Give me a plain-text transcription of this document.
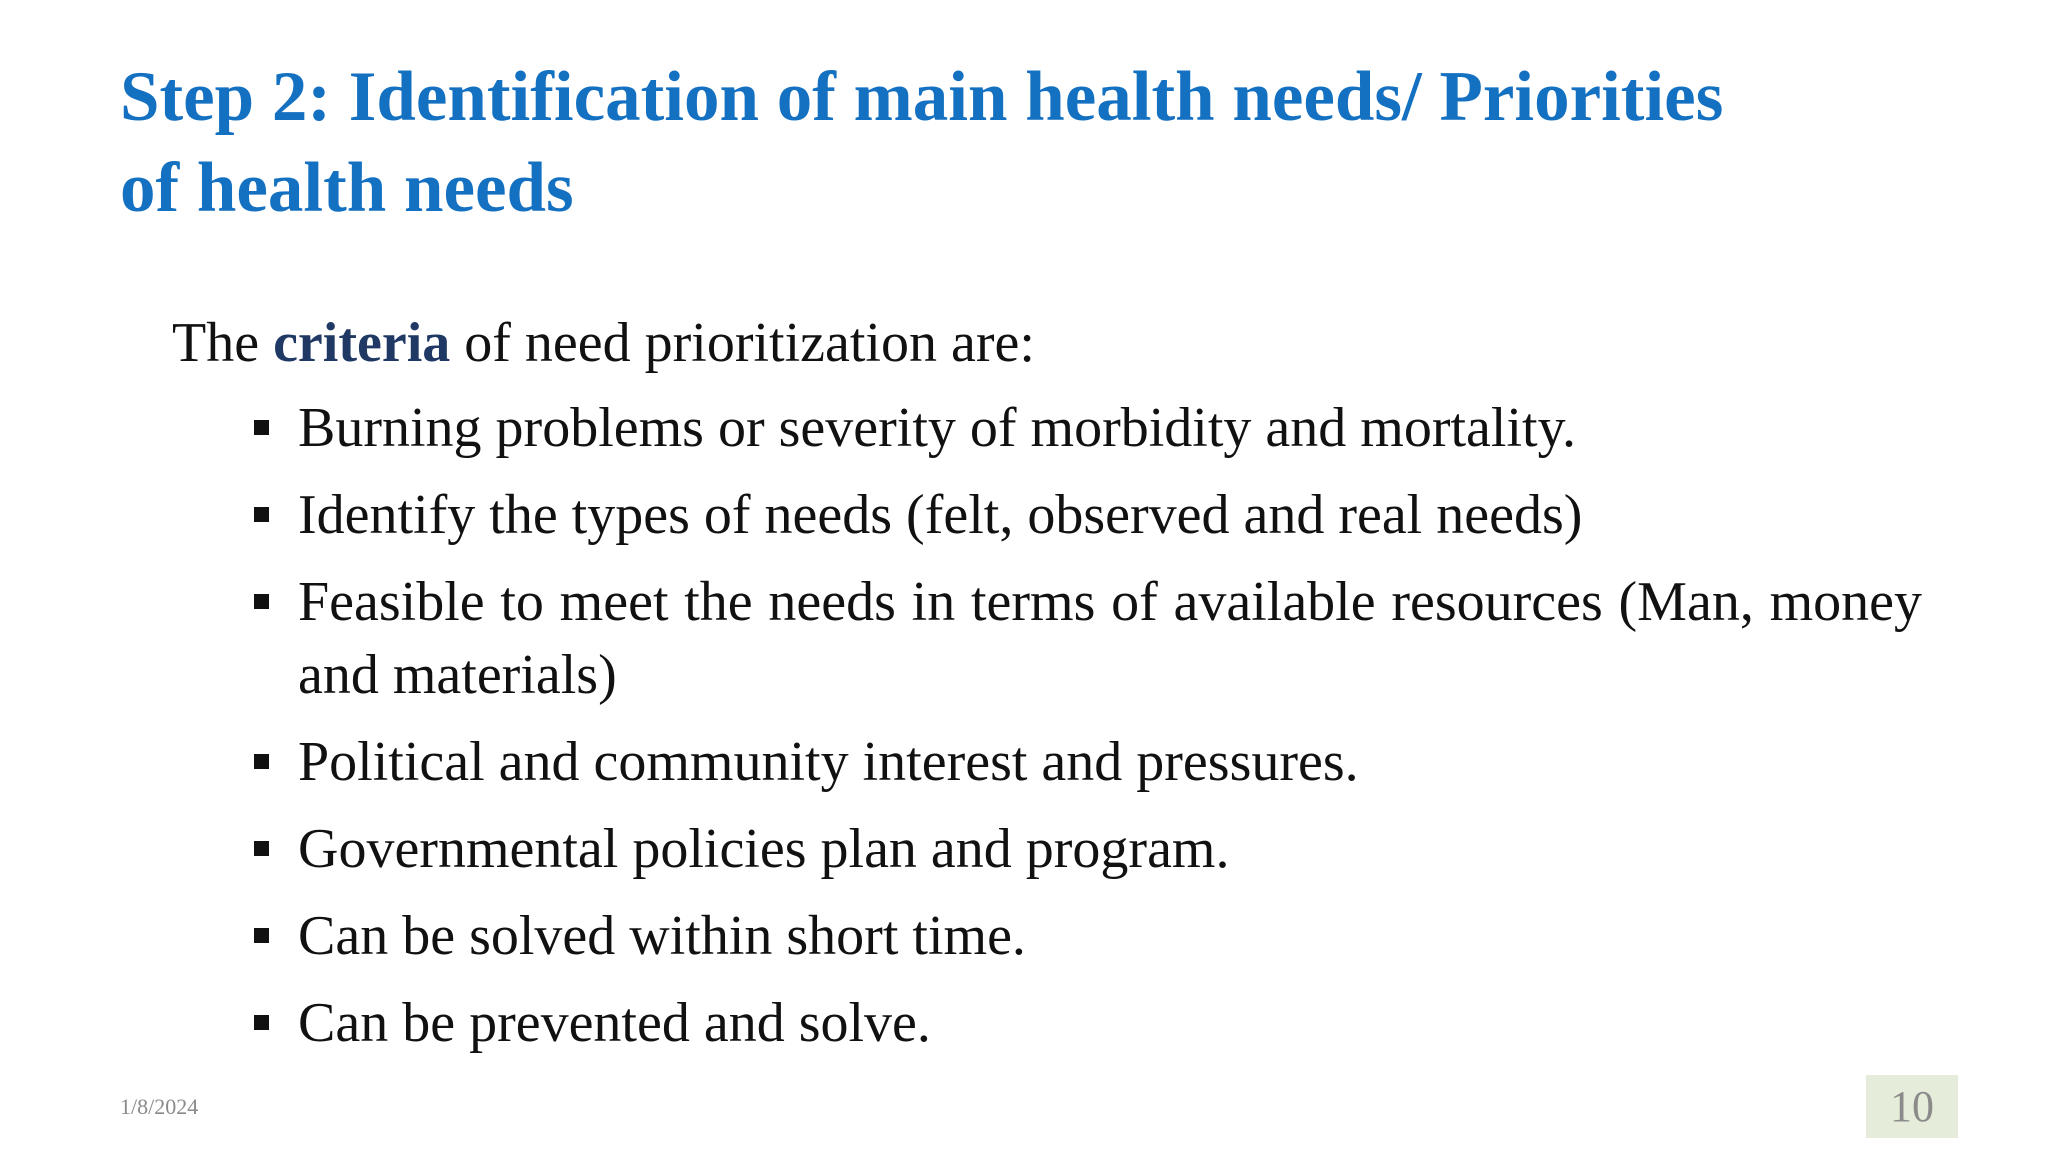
Step 2: Identification of main health needs/ Priorities
of health needs

The criteria of need prioritization are:

Burning problems or severity of morbidity and mortality.
Identify the types of needs (felt, observed and real needs)
Feasible to meet the needs in terms of available resources (Man, money and materials)
Political and community interest and pressures.
Governmental policies plan and program.
Can be solved within short time.
Can be prevented and solve.
1/8/2024	10
